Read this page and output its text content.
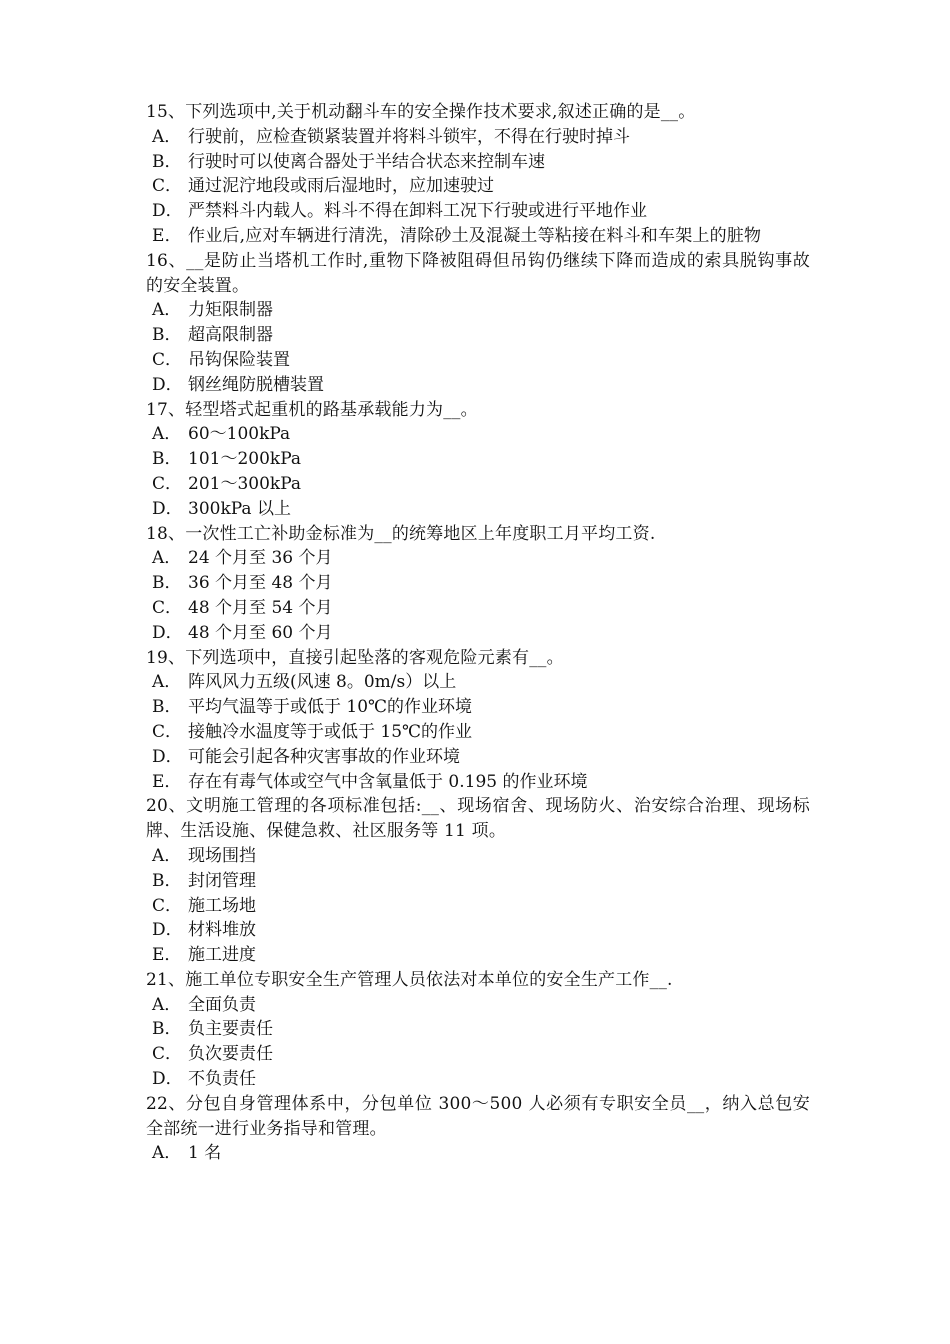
15、下列选项中,关于机动翻斗车的安全操作技术要求,叙述正确的是__。

A． 行驶前，应检查锁紧装置并将料斗锁牢，不得在行驶时掉斗

B． 行驶时可以使离合器处于半结合状态来控制车速

C． 通过泥泞地段或雨后湿地时，应加速驶过

D． 严禁料斗内载人。料斗不得在卸料工况下行驶或进行平地作业

E． 作业后,应对车辆进行清洗，清除砂土及混凝土等粘接在料斗和车架上的脏物

16、__是防止当塔机工作时,重物下降被阻碍但吊钩仍继续下降而造成的索具脱钩事故的安全装置。

A． 力矩限制器

B． 超高限制器

C． 吊钩保险装置

D． 钢丝绳防脱槽装置

17、轻型塔式起重机的路基承载能力为__。

A． 60～100kPa

B． 101～200kPa

C． 201～300kPa

D． 300kPa 以上

18、一次性工亡补助金标准为__的统筹地区上年度职工月平均工资.

A． 24 个月至 36 个月

B． 36 个月至 48 个月

C． 48 个月至 54 个月

D． 48 个月至 60 个月

19、下列选项中，直接引起坠落的客观危险元素有__。

A． 阵风风力五级(风速 8。0m/s）以上

B． 平均气温等于或低于 10℃的作业环境

C． 接触冷水温度等于或低于 15℃的作业

D． 可能会引起各种灾害事故的作业环境

E． 存在有毒气体或空气中含氧量低于 0.195 的作业环境

20、文明施工管理的各项标准包括:__、现场宿舍、现场防火、治安综合治理、现场标牌、生活设施、保健急救、社区服务等 11 项。

A． 现场围挡

B． 封闭管理

C． 施工场地

D． 材料堆放

E． 施工进度

21、施工单位专职安全生产管理人员依法对本单位的安全生产工作__.

A． 全面负责

B． 负主要责任

C． 负次要责任

D． 不负责任

22、分包自身管理体系中，分包单位 300～500 人必须有专职安全员__，纳入总包安全部统一进行业务指导和管理。

A． 1 名
